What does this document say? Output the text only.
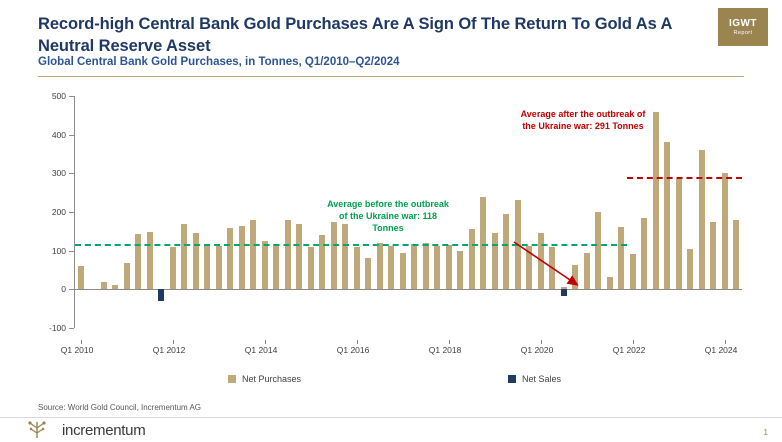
Record-high Central Bank Gold Purchases Are A Sign Of The Return To Gold As A Neutral Reserve Asset
Global Central Bank Gold Purchases, in Tonnes, Q1/2010–Q2/2024
IGWT
Report
-100
0
100
200
300
400
500
Average before the outbreak of the Ukraine war: 118 Tonnes
Average after the outbreak of the Ukraine war: 291 Tonnes
Q1 2010	Q1 2012	Q1 2014	Q1 2016	Q1 2018	Q1 2020	Q1 2022	Q1 2024
Net Purchases	Net Sales
Source: World Gold Council, Incrementum AG
incrementum	1
